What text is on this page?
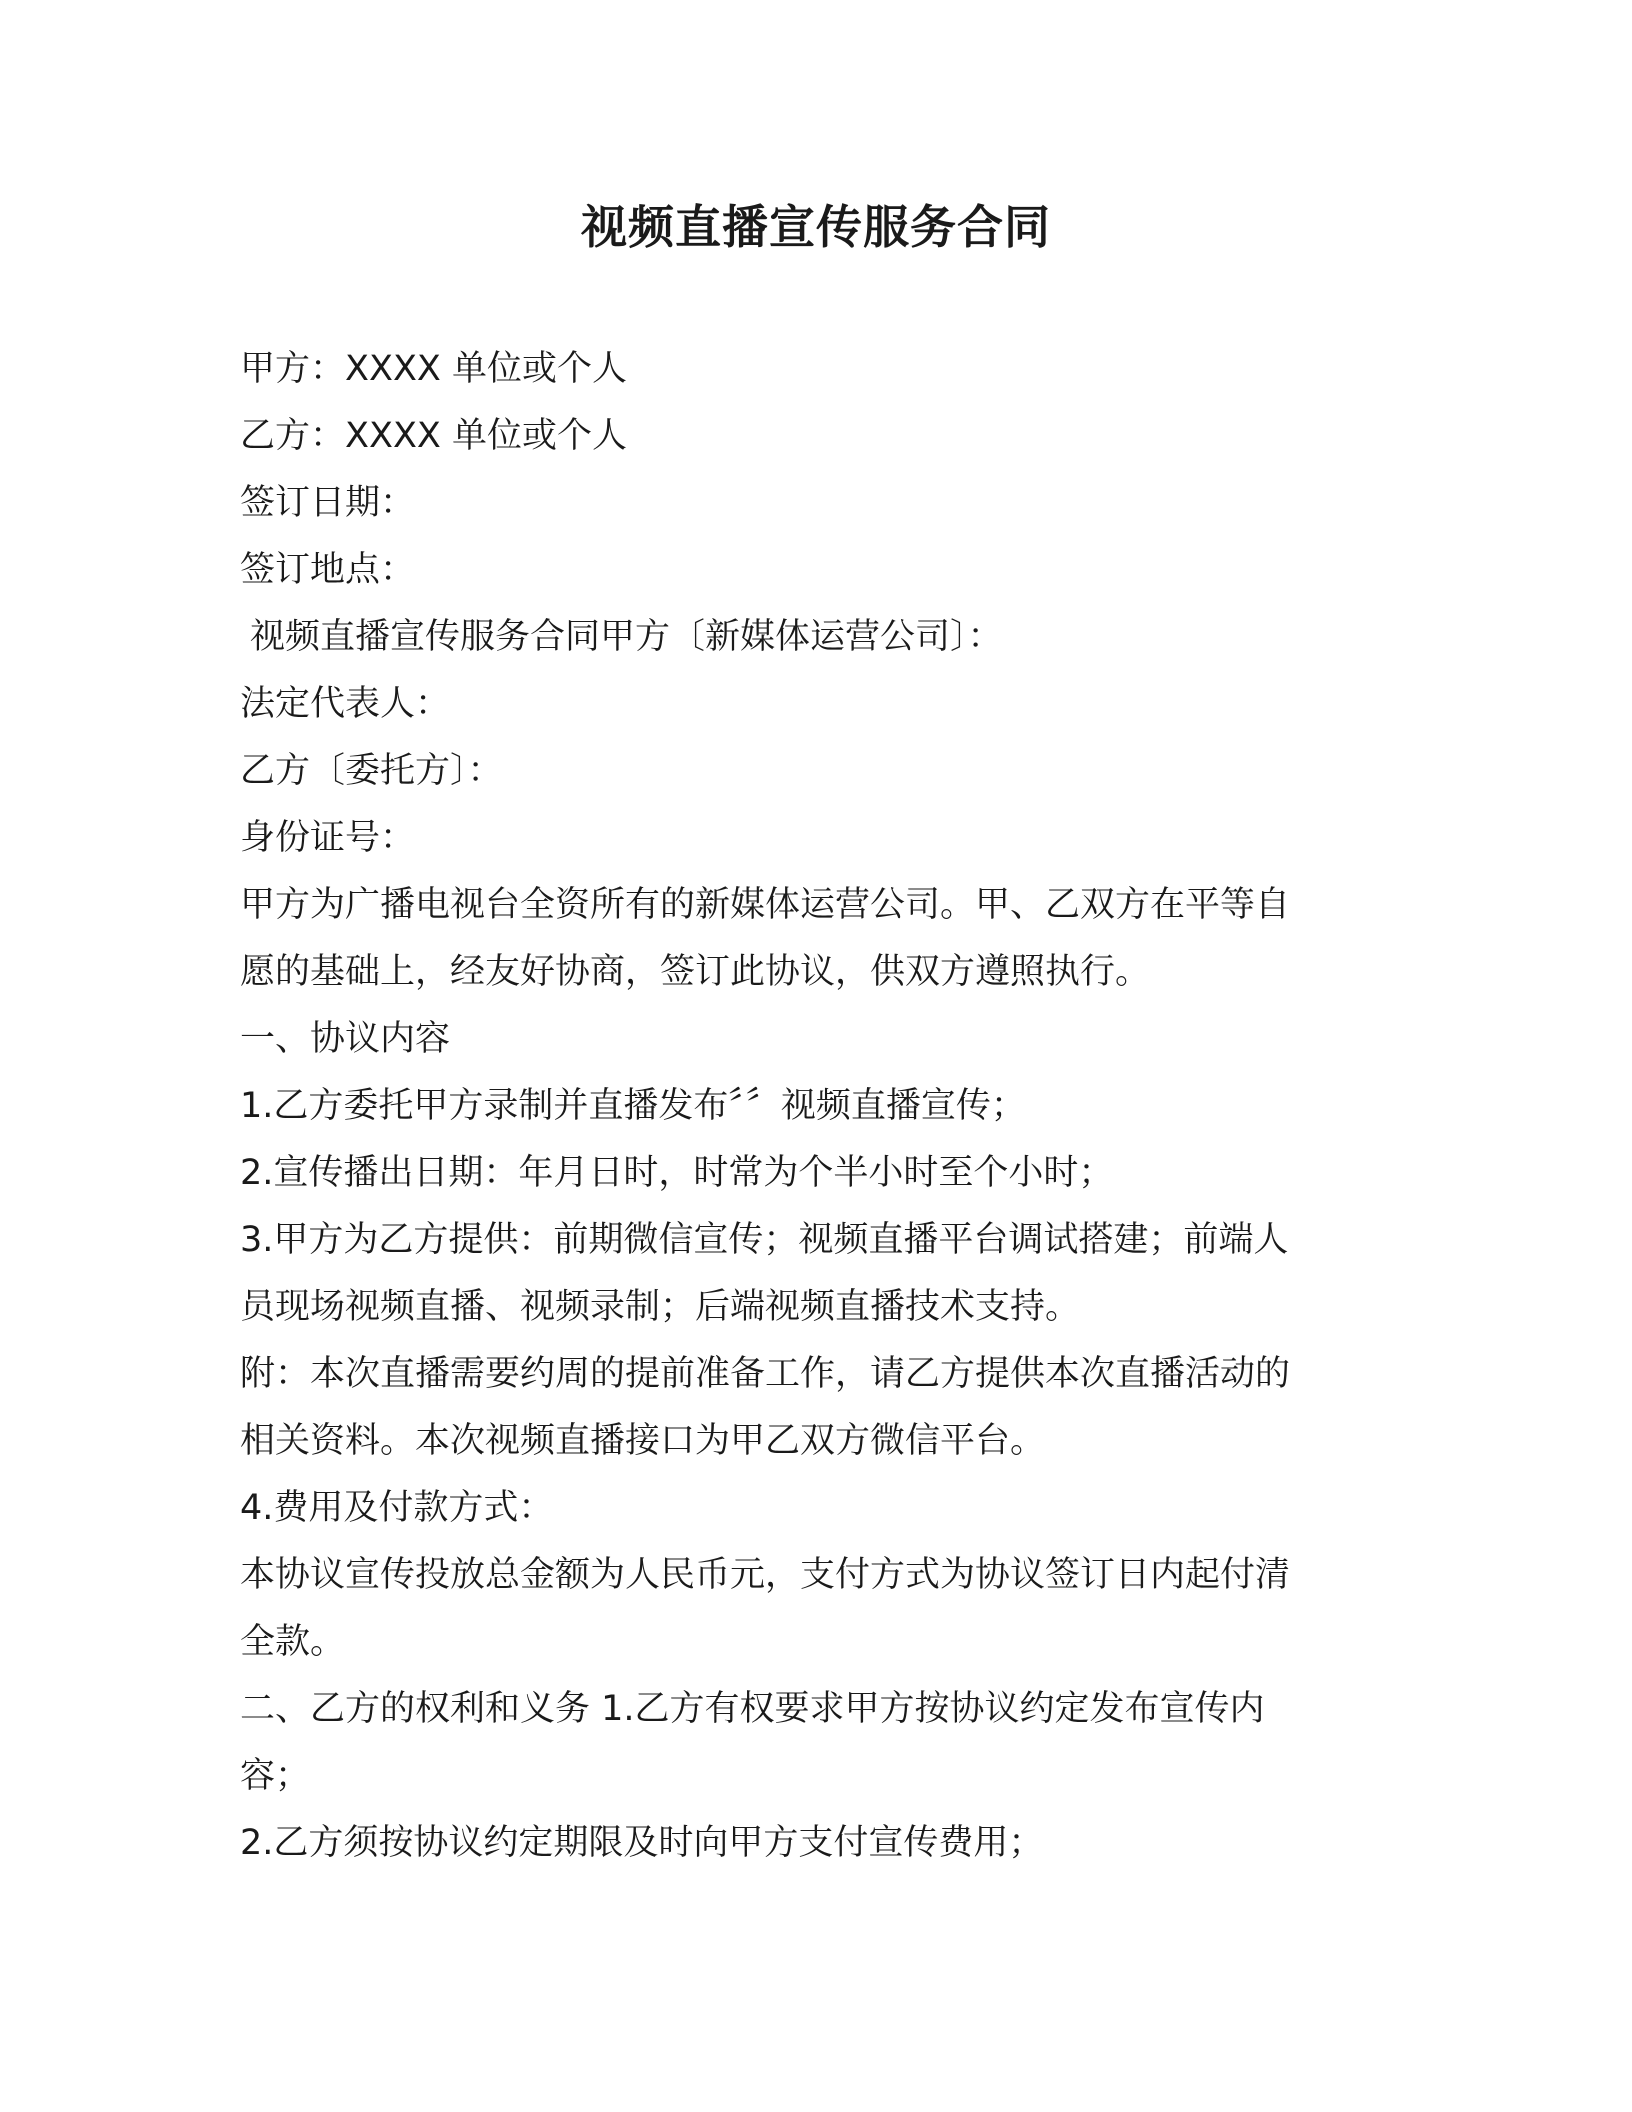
视频直播宣传服务合同

甲方：XXXX 单位或个人

乙方：XXXX 单位或个人

签订日期：

签订地点：

视频直播宣传服务合同甲方〔新媒体运营公司〕：

法定代表人：

乙方〔委托方〕：

身份证号：

甲方为广播电视台全资所有的新媒体运营公司。甲、乙双方在平等自

愿的基础上，经友好协商，签订此协议，供双方遵照执行。

一、协议内容

1.乙方委托甲方录制并直播发布〞〞视频直播宣传；

2.宣传播出日期：年月日时，时常为个半小时至个小时；

3.甲方为乙方提供：前期微信宣传；视频直播平台调试搭建；前端人

员现场视频直播、视频录制；后端视频直播技术支持。

附：本次直播需要约周的提前准备工作，请乙方提供本次直播活动的

相关资料。本次视频直播接口为甲乙双方微信平台。

4.费用及付款方式：

本协议宣传投放总金额为人民币元，支付方式为协议签订日内起付清

全款。

二、乙方的权利和义务 1.乙方有权要求甲方按协议约定发布宣传内

容；

2.乙方须按协议约定期限及时向甲方支付宣传费用；
